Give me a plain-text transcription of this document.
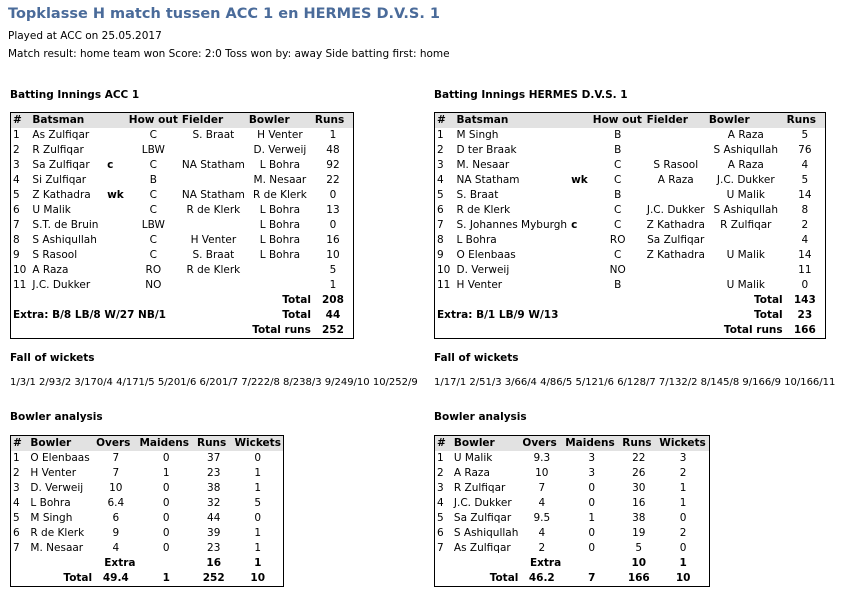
Topklasse H match tussen ACC 1 en HERMES D.V.S. 1
Played at ACC on 25.05.2017
Match result: home team won Score: 2:0 Toss won by: away Side batting first: home
Batting Innings ACC 1
#	Batsman		How out	Fielder	Bowler	Runs
1	As Zulfiqar		C	S. Braat	H Venter	1
2	R Zulfiqar		LBW		D. Verweij	48
3	Sa Zulfiqar	c	C	NA Statham	L Bohra	92
4	Si Zulfiqar		B		M. Nesaar	22
5	Z Kathadra	wk	C	NA Statham	R de Klerk	0
6	U Malik		C	R de Klerk	L Bohra	13
7	S.T. de Bruin		LBW		L Bohra	0
8	S Ashiqullah		C	H Venter	L Bohra	16
9	S Rasool		C	S. Braat	L Bohra	10
10	A Raza		RO	R de Klerk		5
11	J.C. Dukker		NO			1
					Total	208
Extra: B/8 LB/8 W/27 NB/1					Total	44
					Total runs	252
Fall of wickets
1/3/1 2/93/2 3/170/4 4/171/5 5/201/6 6/201/7 7/222/8 8/238/3 9/249/10 10/252/9
Bowler analysis
#	Bowler	Overs	Maidens	Runs	Wickets
1	O Elenbaas	7	0	37	0
2	H Venter	7	1	23	1
3	D. Verweij	10	0	38	1
4	L Bohra	6.4	0	32	5
5	M Singh	6	0	44	0
6	R de Klerk	9	0	39	1
7	M. Nesaar	4	0	23	1
Extra				16	1
Total		49.4	1	252	10
Batting Innings HERMES D.V.S. 1
#	Batsman		How out	Fielder	Bowler	Runs
1	M Singh		B		A Raza	5
2	D ter Braak		B		S Ashiqullah	76
3	M. Nesaar		C	S Rasool	A Raza	4
4	NA Statham	wk	C	A Raza	J.C. Dukker	5
5	S. Braat		B		U Malik	14
6	R de Klerk		C	J.C. Dukker	S Ashiqullah	8
7	S. Johannes Myburgh	c	C	Z Kathadra	R Zulfiqar	2
8	L Bohra		RO	Sa Zulfiqar		4
9	O Elenbaas		C	Z Kathadra	U Malik	14
10	D. Verweij		NO			11
11	H Venter		B		U Malik	0
					Total	143
Extra: B/1 LB/9 W/13					Total	23
					Total runs	166
Fall of wickets
1/17/1 2/51/3 3/66/4 4/86/5 5/121/6 6/128/7 7/132/2 8/145/8 9/166/9 10/166/11
Bowler analysis
#	Bowler	Overs	Maidens	Runs	Wickets
1	U Malik	9.3	3	22	3
2	A Raza	10	3	26	2
3	R Zulfiqar	7	0	30	1
4	J.C. Dukker	4	0	16	1
5	Sa Zulfiqar	9.5	1	38	0
6	S Ashiqullah	4	0	19	2
7	As Zulfiqar	2	0	5	0
Extra				10	1
Total		46.2	7	166	10
